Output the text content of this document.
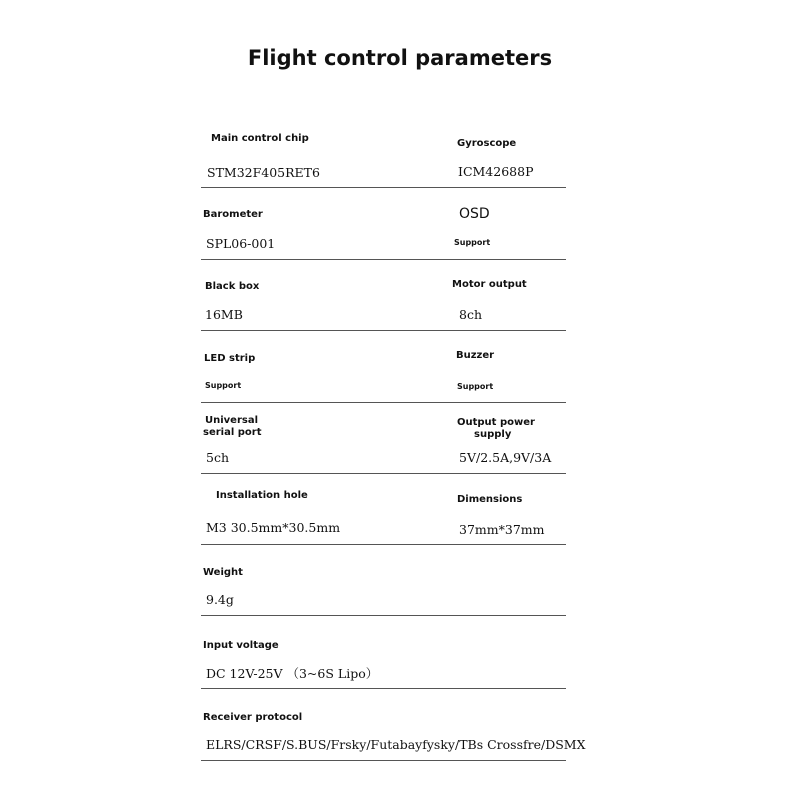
Flight control parameters
Main control chip
STM32F405RET6
Gyroscope
ICM42688P
Barometer
SPL06-001
OSD
Support
Black box
16MB
Motor output
8ch
LED strip
Support
Buzzer
Support
Universal
serial port
5ch
Output power
supply
5V/2.5A,9V/3A
Installation hole
M3 30.5mm*30.5mm
Dimensions
37mm*37mm
Weight
9.4g
Input voltage
DC 12V-25V （3~6S Lipo）
Receiver protocol
ELRS/CRSF/S.BUS/Frsky/Futabayfysky/TBs Crossfre/DSMX
